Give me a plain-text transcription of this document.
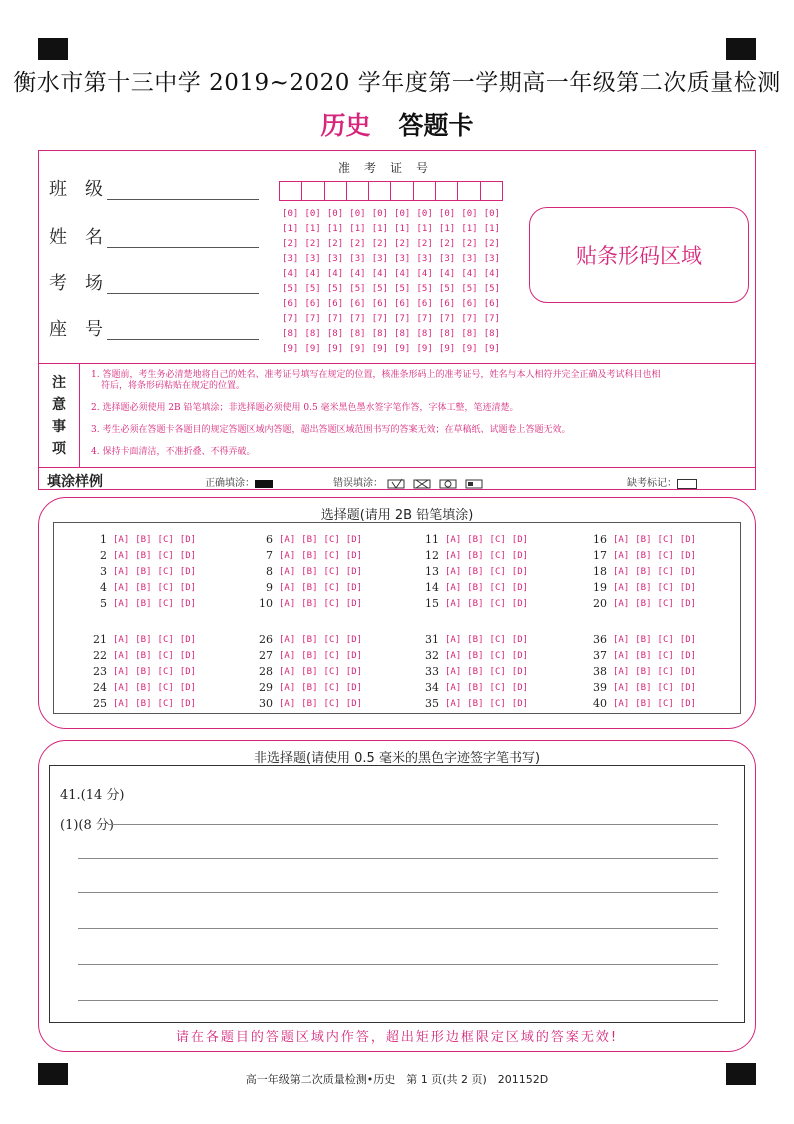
衡水市第十三中学 2019~2020 学年度第一学期高一年级第二次质量检测
历史 答题卡
班　级
姓　名
考　场
座　号
准考证号
[0] [0] [0] [0] [0] [0] [0] [0] [0] [0]
[1] [1] [1] [1] [1] [1] [1] [1] [1] [1]
[2] [2] [2] [2] [2] [2] [2] [2] [2] [2]
[3] [3] [3] [3] [3] [3] [3] [3] [3] [3]
[4] [4] [4] [4] [4] [4] [4] [4] [4] [4]
[5] [5] [5] [5] [5] [5] [5] [5] [5] [5]
[6] [6] [6] [6] [6] [6] [6] [6] [6] [6]
[7] [7] [7] [7] [7] [7] [7] [7] [7] [7]
[8] [8] [8] [8] [8] [8] [8] [8] [8] [8]
[9] [9] [9] [9] [9] [9] [9] [9] [9] [9]
贴条形码区域
注
意
事
项
1. 答题前，考生务必清楚地将自己的姓名、准考证号填写在规定的位置，核准条形码上的准考证号，姓名与本人相符并完全正确及考试科目也相
符后，将条形码粘贴在规定的位置。
2. 选择题必须使用 2B 铅笔填涂；非选择题必须使用 0.5 毫米黑色墨水签字笔作答，字体工整，笔迹清楚。
3. 考生必须在答题卡各题目的规定答题区域内答题，超出答题区域范围书写的答案无效；在草稿纸、试题卷上答题无效。
4. 保持卡面清洁，不准折叠、不得弄破。
填涂样例	正确填涂：	错误填涂：	缺考标记：
选择题(请用 2B 铅笔填涂)
1 [A] [B] [C] [D]
2 [A] [B] [C] [D]
3 [A] [B] [C] [D]
4 [A] [B] [C] [D]
5 [A] [B] [C] [D]
6 [A] [B] [C] [D]
7 [A] [B] [C] [D]
8 [A] [B] [C] [D]
9 [A] [B] [C] [D]
10 [A] [B] [C] [D]
11 [A] [B] [C] [D]
12 [A] [B] [C] [D]
13 [A] [B] [C] [D]
14 [A] [B] [C] [D]
15 [A] [B] [C] [D]
16 [A] [B] [C] [D]
17 [A] [B] [C] [D]
18 [A] [B] [C] [D]
19 [A] [B] [C] [D]
20 [A] [B] [C] [D]
21 [A] [B] [C] [D]
22 [A] [B] [C] [D]
23 [A] [B] [C] [D]
24 [A] [B] [C] [D]
25 [A] [B] [C] [D]
26 [A] [B] [C] [D]
27 [A] [B] [C] [D]
28 [A] [B] [C] [D]
29 [A] [B] [C] [D]
30 [A] [B] [C] [D]
31 [A] [B] [C] [D]
32 [A] [B] [C] [D]
33 [A] [B] [C] [D]
34 [A] [B] [C] [D]
35 [A] [B] [C] [D]
36 [A] [B] [C] [D]
37 [A] [B] [C] [D]
38 [A] [B] [C] [D]
39 [A] [B] [C] [D]
40 [A] [B] [C] [D]
非选择题(请使用 0.5 毫米的黑色字迹签字笔书写)
41.(14 分)
(1)(8 分)
请在各题目的答题区域内作答，超出矩形边框限定区域的答案无效!
高一年级第二次质量检测•历史　第 1 页(共 2 页)　201152D
